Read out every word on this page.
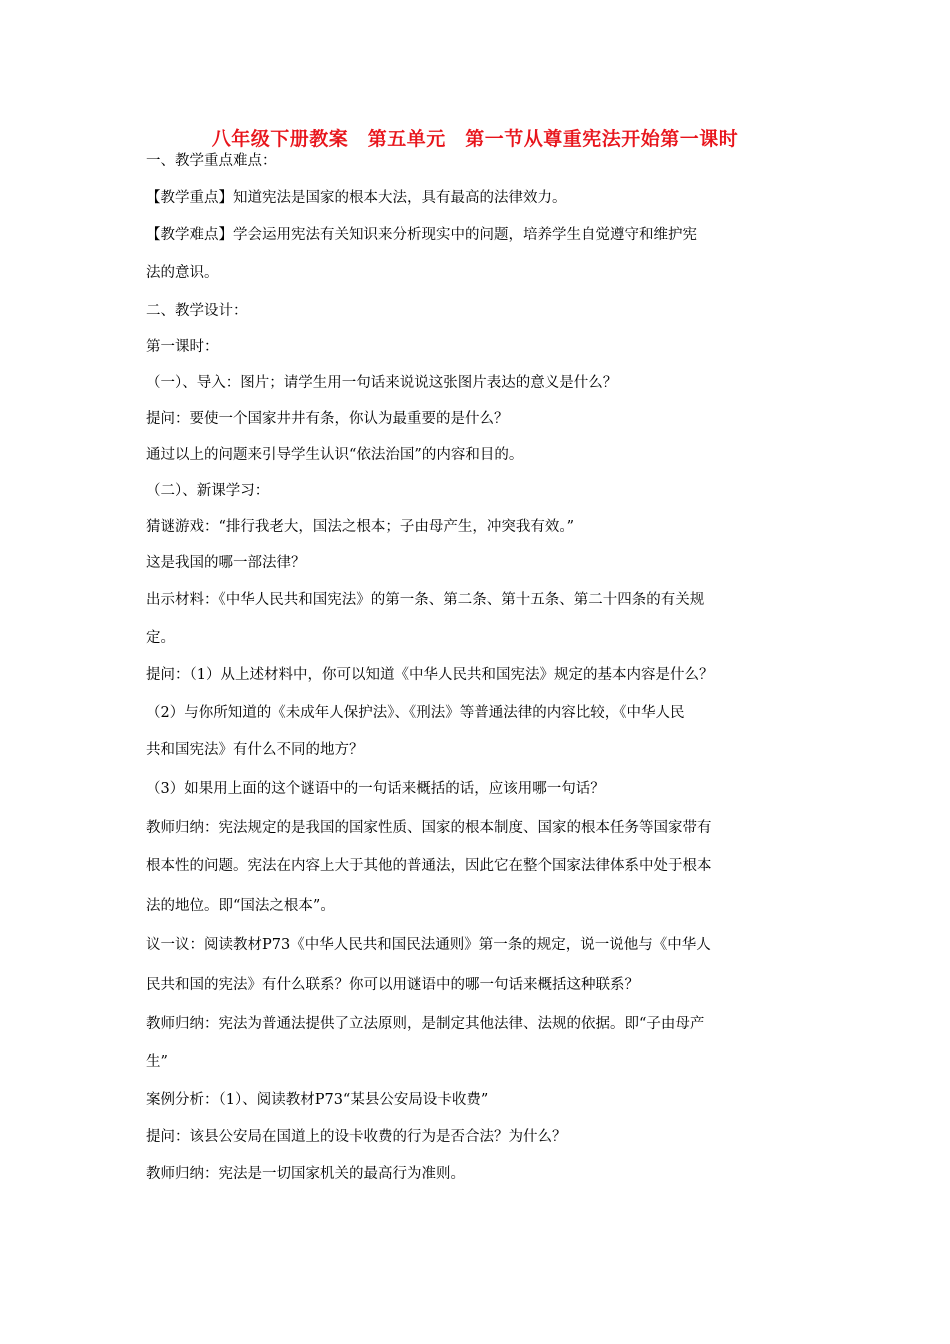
八年级下册教案　第五单元　第一节从尊重宪法开始第一课时
一、教学重点难点：
【教学重点】知道宪法是国家的根本大法，具有最高的法律效力。
【教学难点】学会运用宪法有关知识来分析现实中的问题，培养学生自觉遵守和维护宪
法的意识。
二、教学设计：
第一课时：
（一）、导入：图片；请学生用一句话来说说这张图片表达的意义是什么？
提问：要使一个国家井井有条，你认为最重要的是什么？
通过以上的问题来引导学生认识“依法治国”的内容和目的。
（二）、新课学习：
猜谜游戏：“排行我老大，国法之根本；子由母产生，冲突我有效。”
这是我国的哪一部法律？
出示材料：《中华人民共和国宪法》的第一条、第二条、第十五条、第二十四条的有关规
定。
提问：（1）从上述材料中，你可以知道《中华人民共和国宪法》规定的基本内容是什么？
（2）与你所知道的《未成年人保护法》、《刑法》等普通法律的内容比较，《中华人民
共和国宪法》有什么不同的地方？
（3）如果用上面的这个谜语中的一句话来概括的话，应该用哪一句话？
教师归纳：宪法规定的是我国的国家性质、国家的根本制度、国家的根本任务等国家带有
根本性的问题。宪法在内容上大于其他的普通法，因此它在整个国家法律体系中处于根本
法的地位。即“国法之根本”。
议一议：阅读教材P73《中华人民共和国民法通则》第一条的规定，说一说他与《中华人
民共和国的宪法》有什么联系？你可以用谜语中的哪一句话来概括这种联系？
教师归纳：宪法为普通法提供了立法原则，是制定其他法律、法规的依据。即“子由母产
生”
案例分析：（1）、阅读教材P73“某县公安局设卡收费”
提问：该县公安局在国道上的设卡收费的行为是否合法？为什么？
教师归纳：宪法是一切国家机关的最高行为准则。
